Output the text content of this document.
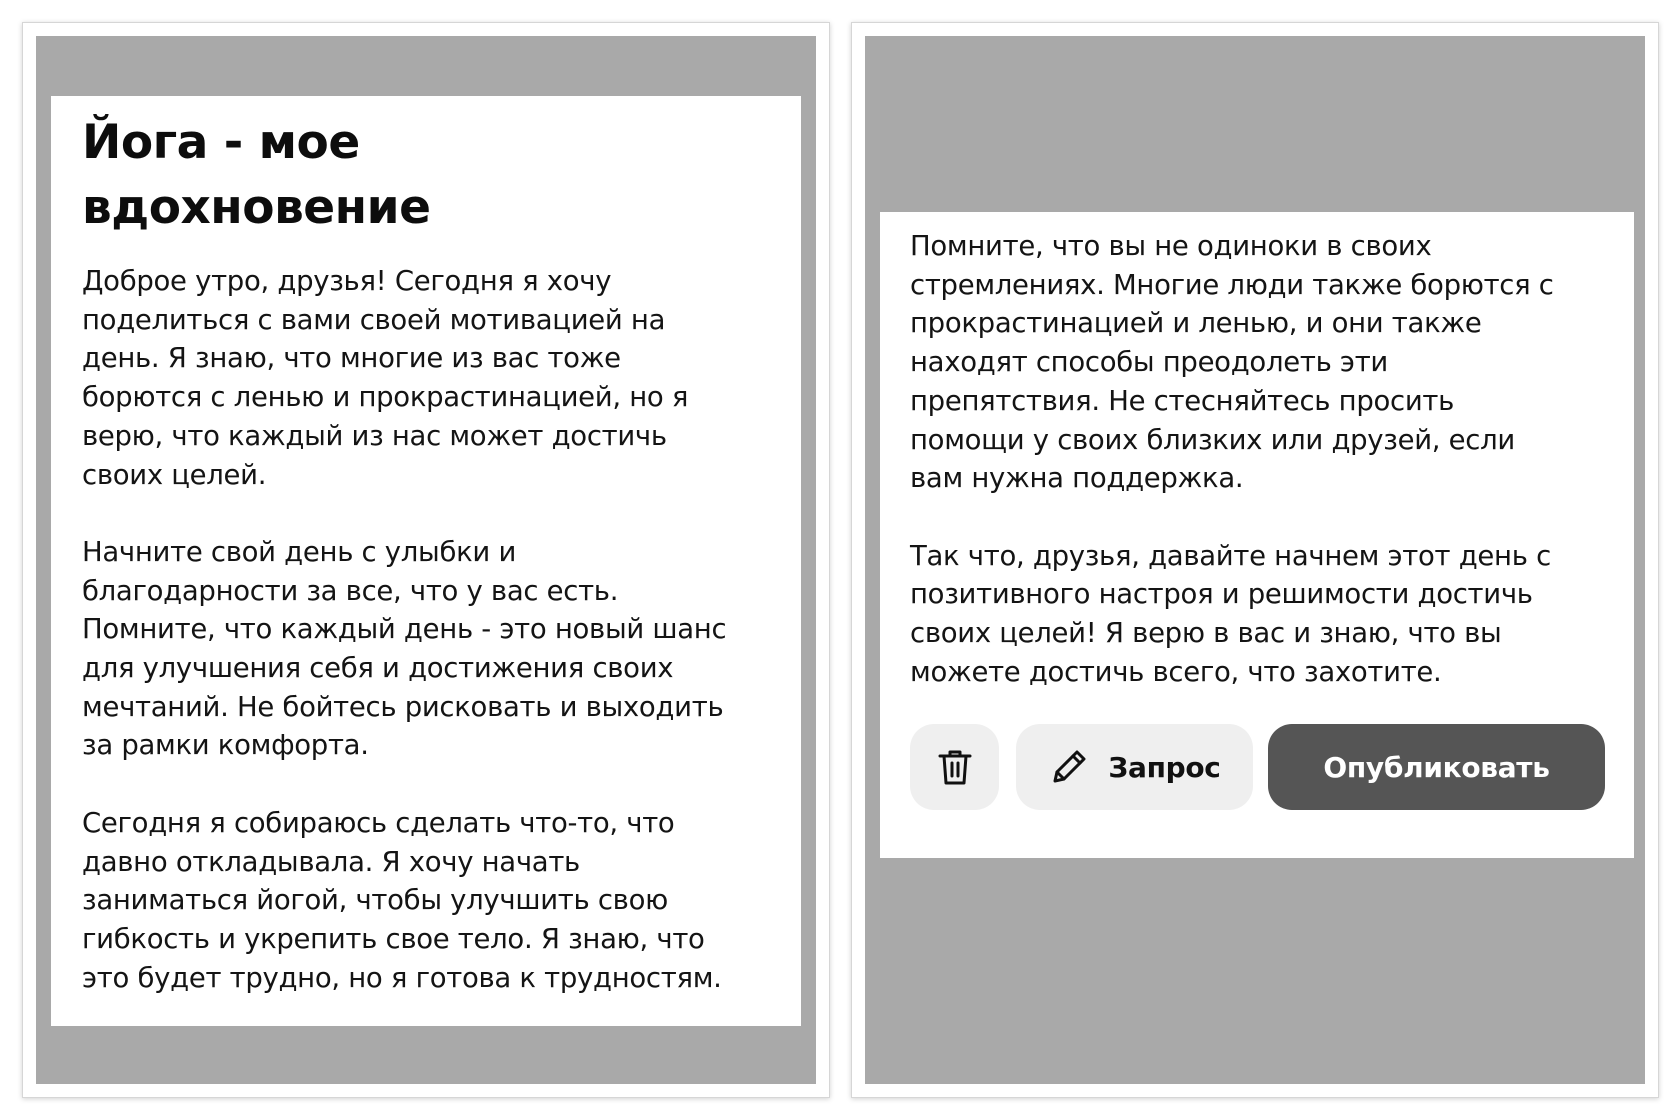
Йога - мое
вдохновение

Доброе утро, друзья! Сегодня я хочу
поделиться с вами своей мотивацией на
день. Я знаю, что многие из вас тоже
борются с ленью и прокрастинацией, но я
верю, что каждый из нас может достичь
своих целей.

Начните свой день с улыбки и
благодарности за все, что у вас есть.
Помните, что каждый день - это новый шанс
для улучшения себя и достижения своих
мечтаний. Не бойтесь рисковать и выходить
за рамки комфорта.

Сегодня я собираюсь сделать что-то, что
давно откладывала. Я хочу начать
заниматься йогой, чтобы улучшить свою
гибкость и укрепить свое тело. Я знаю, что
это будет трудно, но я готова к трудностям.

Помните, что вы не одиноки в своих
стремлениях. Многие люди также борются с
прокрастинацией и ленью, и они также
находят способы преодолеть эти
препятствия. Не стесняйтесь просить
помощи у своих близких или друзей, если
вам нужна поддержка.

Так что, друзья, давайте начнем этот день с
позитивного настроя и решимости достичь
своих целей! Я верю в вас и знаю, что вы
можете достичь всего, что захотите.

Запрос	Опубликовать
